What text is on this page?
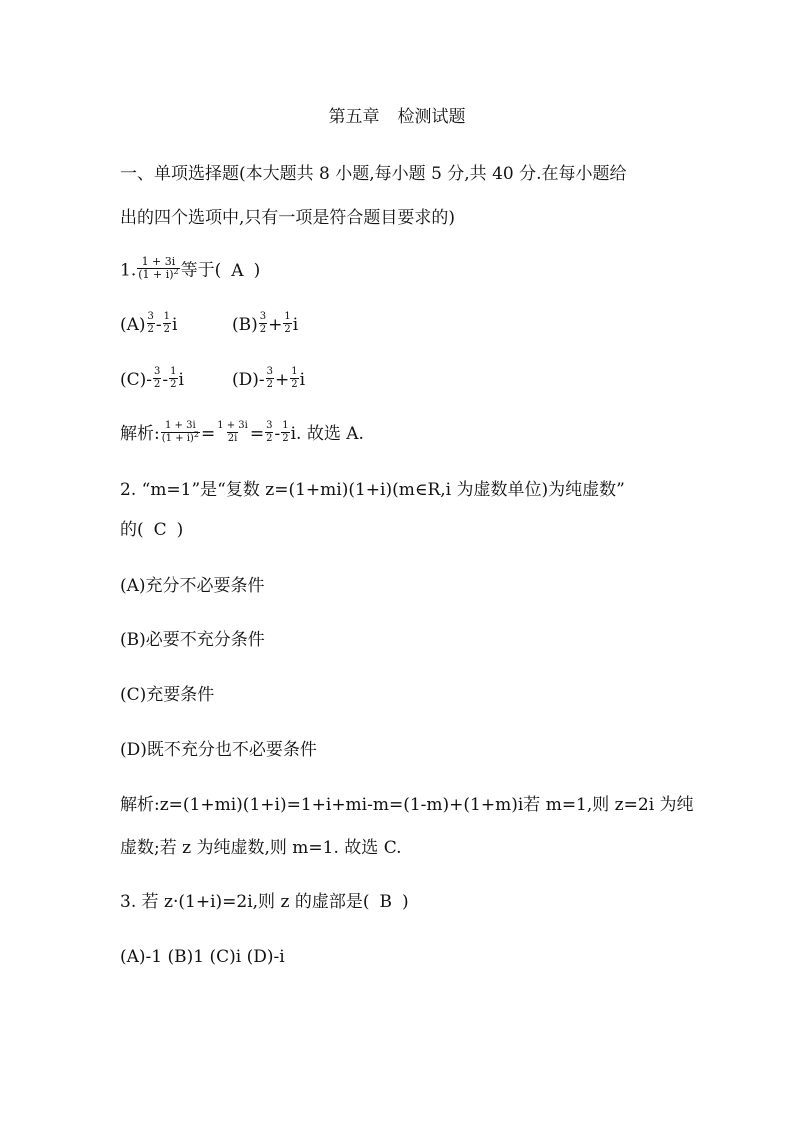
第五章 检测试题
一、单项选择题(本大题共 8 小题,每小题 5 分,共 40 分.在每小题给
出的四个选项中,只有一项是符合题目要求的)
1. $\frac{1 + 3i}{(1 + i)^2}$ 等于( A )
$(A) \frac{3}{2} - \frac{1}{2}$ i	$(B) \frac{3}{2} + \frac{1}{2}$ i
$(C)- \frac{3}{2} - \frac{1}{2}$ i	$(D)- \frac{3}{2} + \frac{1}{2}$ i
解析: $\frac{1 + 3i}{(1 + i)^2} = \frac{1 + 3i}{2i} = \frac{3}{2} - \frac{1}{2} i$. 故选 A.
2. “m=1”是“复数 z=(1+mi)(1+i)(m∈R,i 为虚数单位)为纯虚数”
的( C )
(A)充分不必要条件
(B)必要不充分条件
(C)充要条件
(D)既不充分也不必要条件
解析:z=(1+mi)(1+i)=1+i+mi-m=(1-m)+(1+m)i若 m=1,则 z=2i 为纯
虚数;若 z 为纯虚数,则 m=1. 故选 C.
3. 若 z·(1+i)=2i,则 z 的虚部是( B )
(A)-1 (B)1 (C)i (D)-i
